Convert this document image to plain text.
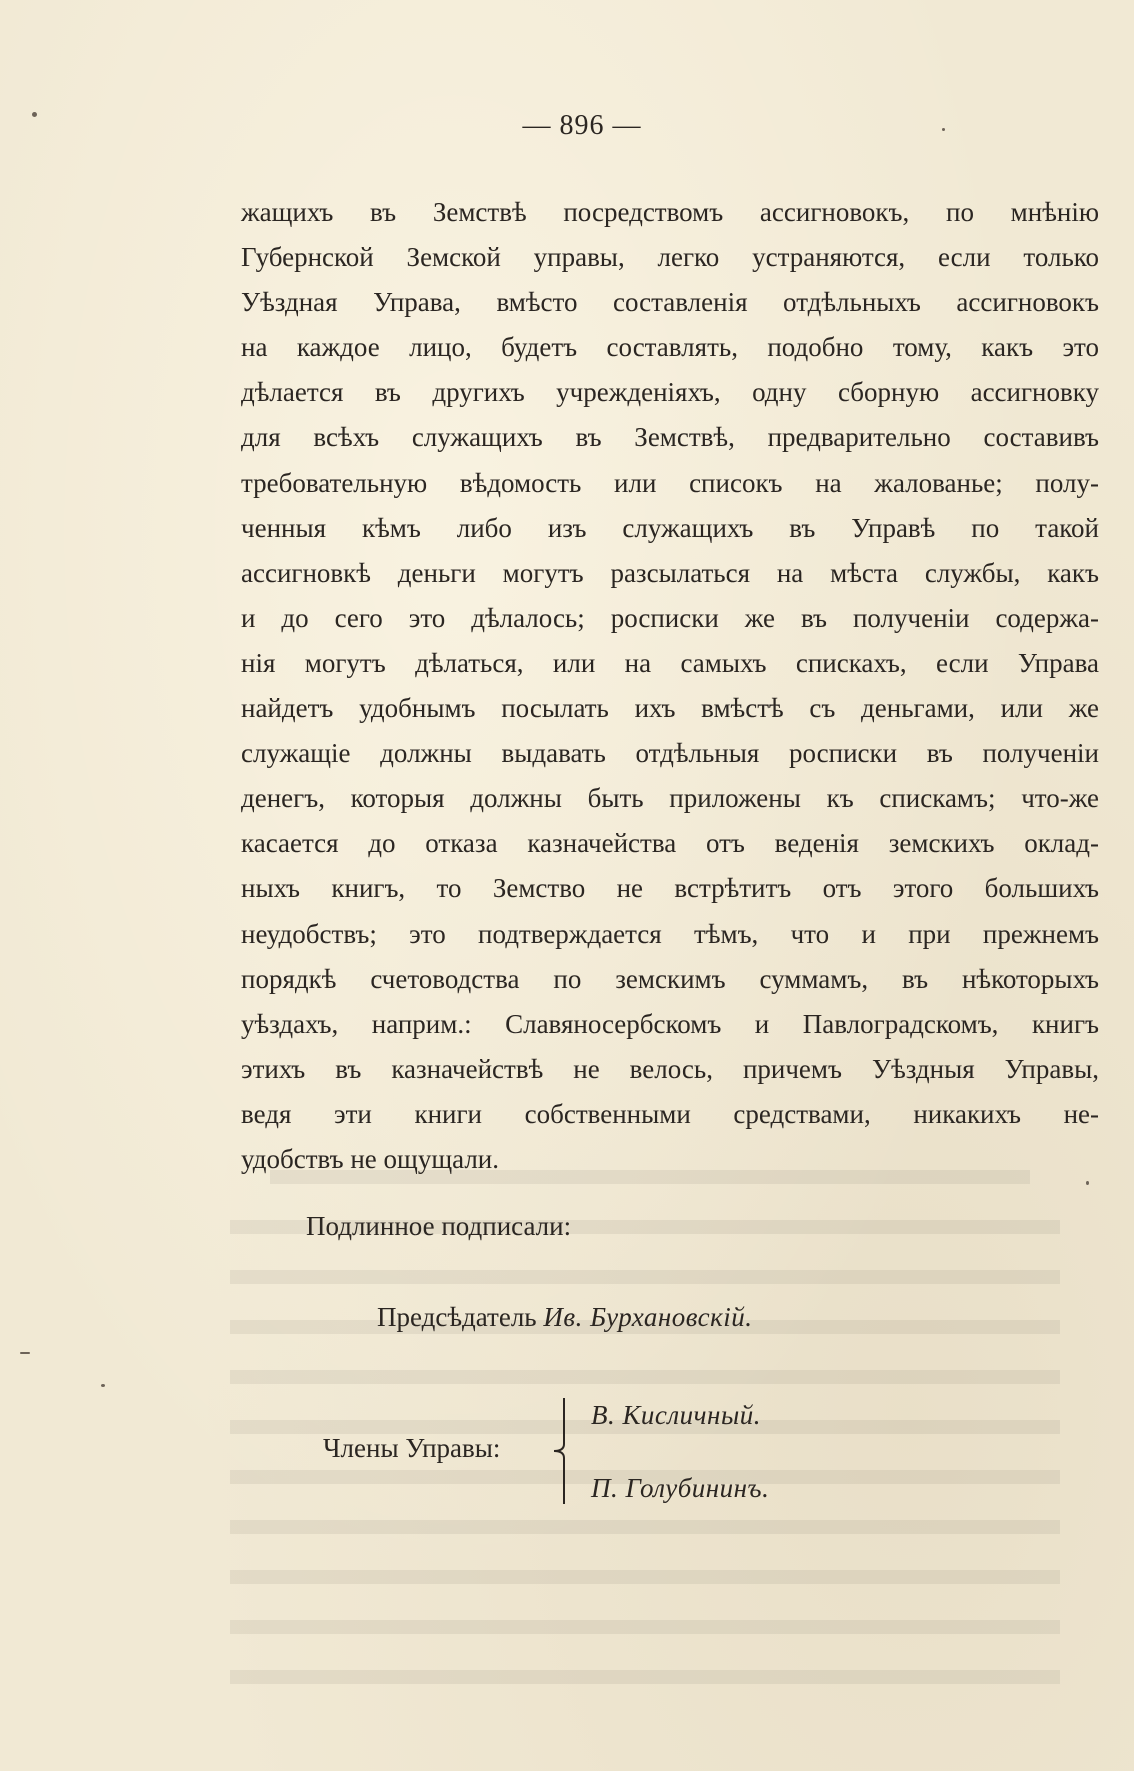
— 896 —
жащихъ въ Земствѣ посредствомъ ассигновокъ, по мнѣнію
Губернской Земской управы, легко устраняются, если только
Уѣздная Управа, вмѣсто составленія отдѣльныхъ ассигновокъ
на каждое лицо, будетъ составлять, подобно тому, какъ это
дѣлается въ другихъ учрежденіяхъ, одну сборную ассигновку
для всѣхъ служащихъ въ Земствѣ, предварительно составивъ
требовательную вѣдомость или списокъ на жалованье; полу-
ченныя кѣмъ либо изъ служащихъ въ Управѣ по такой
ассигновкѣ деньги могутъ разсылаться на мѣста службы, какъ
и до сего это дѣлалось; росписки же въ полученіи содержа-
нія могутъ дѣлаться, или на самыхъ спискахъ, если Управа
найдетъ удобнымъ посылать ихъ вмѣстѣ съ деньгами, или же
служащіе должны выдавать отдѣльныя росписки въ полученіи
денегъ, которыя должны быть приложены къ спискамъ; что-же
касается до отказа казначейства отъ веденія земскихъ оклад-
ныхъ книгъ, то Земство не встрѣтитъ отъ этого большихъ
неудобствъ; это подтверждается тѣмъ, что и при прежнемъ
порядкѣ счетоводства по земскимъ суммамъ, въ нѣкоторыхъ
уѣздахъ, наприм.: Славяносербскомъ и Павлоградскомъ, книгъ
этихъ въ казначействѣ не велось, причемъ Уѣздныя Управы,
ведя эти книги собственными средствами, никакихъ не-
удобствъ не ощущали.
Подлинное подписали:
Предсѣдатель Ив. Бурхановскій.
Члены Управы:
В. Кисличный.
П. Голубининъ.
